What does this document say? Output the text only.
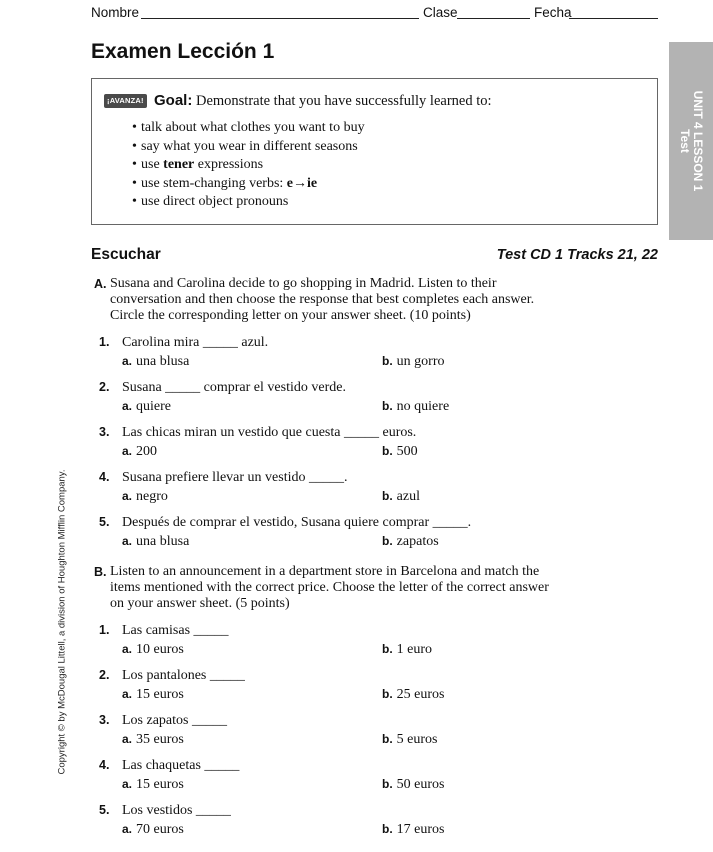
Nombre	Clase	Fecha
Examen Lección 1
¡AVANZA! Goal: Demonstrate that you have successfully learned to:
• talk about what clothes you want to buy
• say what you wear in different seasons
• use tener expressions
• use stem-changing verbs: e→ie
• use direct object pronouns
UNIT 4 LESSON 1
Test
Copyright © by McDougal Littell, a division of Houghton Mifflin Company.
Escuchar	Test CD 1 Tracks 21, 22
A. Susana and Carolina decide to go shopping in Madrid. Listen to their conversation and then choose the response that best completes each answer. Circle the corresponding letter on your answer sheet. (10 points)
1. Carolina mira _____ azul.
a. una blusa	b. un gorro
2. Susana _____ comprar el vestido verde.
a. quiere	b. no quiere
3. Las chicas miran un vestido que cuesta _____ euros.
a. 200	b. 500
4. Susana prefiere llevar un vestido _____.
a. negro	b. azul
5. Después de comprar el vestido, Susana quiere comprar _____.
a. una blusa	b. zapatos
B. Listen to an announcement in a department store in Barcelona and match the items mentioned with the correct price. Choose the letter of the correct answer on your answer sheet. (5 points)
1. Las camisas _____
a. 10 euros	b. 1 euro
2. Los pantalones _____
a. 15 euros	b. 25 euros
3. Los zapatos _____
a. 35 euros	b. 5 euros
4. Las chaquetas _____
a. 15 euros	b. 50 euros
5. Los vestidos _____
a. 70 euros	b. 17 euros
